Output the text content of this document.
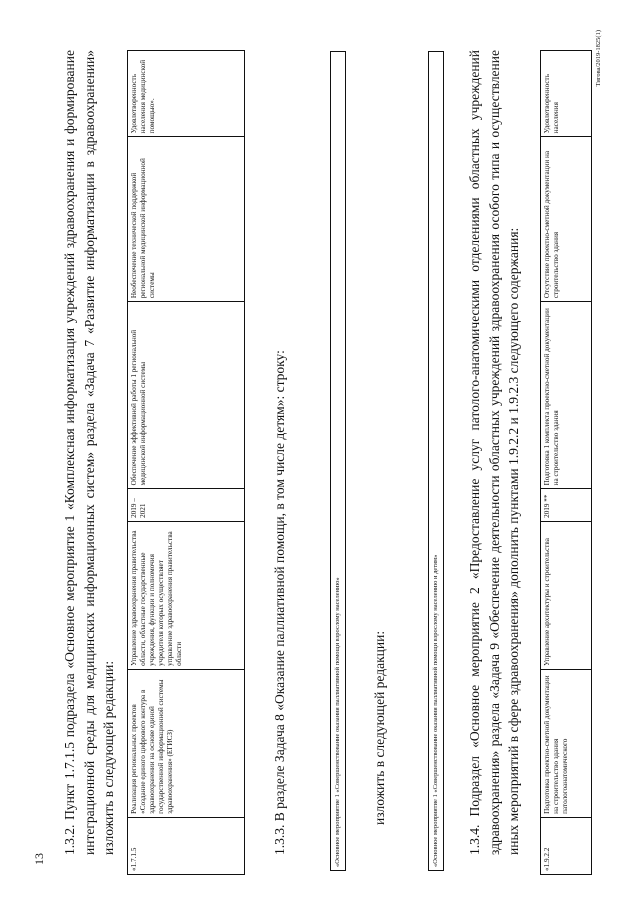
13

1.3.2. Пункт 1.7.1.5 подраздела «Основное мероприятие 1 «Комплексная информатизация учреждений здравоохранения и формирование интеграционной среды для медицинских информационных систем» раздела «Задача 7 «Развитие информатизации в здравоохранении» изложить в следующей редакции:

«1.7.1.5	Реализация региональных проектов «Создание единого цифрового контура в здравоохранении на основе единой государственной информационной системы здравоохранения» (ЕГИСЗ)	Управление здравоохранения правительства области, областные государственные учреждения, функции и полномочия учредителя которых осуществляет управление здравоохранения правительства области	2019 – 2021	Обеспечение эффективной работы 1 региональной медицинской информационной системы	Необеспечение технической поддержкой региональной медицинской информационной системы	Удовлетворенность населения медицинской помощью».

1.3.3. В разделе Задача 8 «Оказание паллиативной помощи, в том числе детям»: строку:	«Основное мероприятие 1 «Совершенствование оказания паллиативной помощи взрослому населению»	изложить в следующей редакции:	«Основное мероприятие 1 «Совершенствование оказания паллиативной помощи взрослому населению и детям»	1.3.4. Подраздел «Основное мероприятие 2 «Предоставление услуг патолого-анатомическими отделениями областных учреждений здравоохранения» раздела «Задача 9 «Обеспечение деятельности областных учреждений здравоохранения особого типа и осуществление иных мероприятий в сфере здравоохранения» дополнить пунктами 1.9.2.2 и 1.9.2.3 следующего содержания:

«1.9.2.2	Подготовка проектно-сметной документации на строительство здания патологоанатомического	Управление архитектуры и строительства	2019 **	Подготовка 1 комплекта проектно-сметной документации на строительство здания	Отсутствие проектно-сметной документации на строительство здания	Удовлетворенность населения
Тигова/2019-1825(1)
